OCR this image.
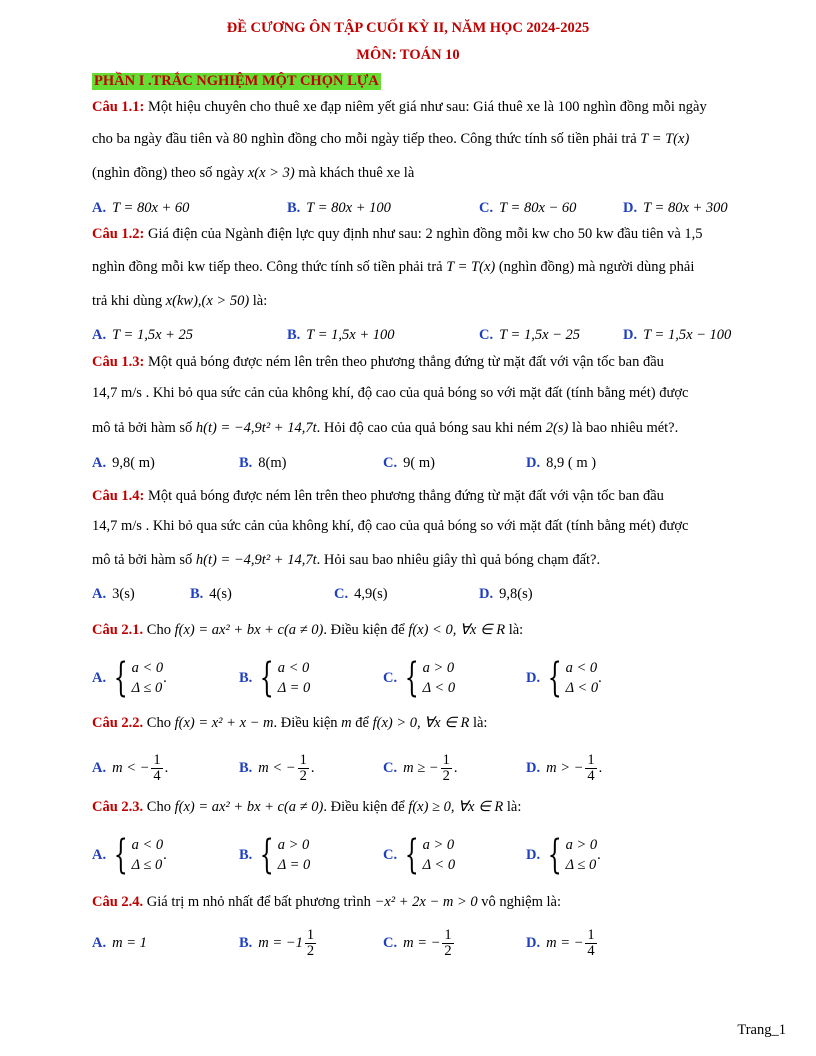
ĐỀ CƯƠNG ÔN TẬP CUỐI KỲ II, NĂM HỌC 2024-2025
MÔN: TOÁN 10
PHẦN I .TRẮC NGHIỆM MỘT CHỌN LỰA
Câu 1.1: Một hiệu chuyên cho thuê xe đạp niêm yết giá như sau: Giá thuê xe là 100 nghìn đồng mỗi ngày
cho ba ngày đầu tiên và 80 nghìn đồng cho mỗi ngày tiếp theo. Công thức tính số tiền phải trả T = T(x)
(nghìn đồng) theo số ngày x(x > 3) mà khách thuê xe là
A. T = 80x + 60	B. T = 80x + 100	C. T = 80x − 60	D. T = 80x + 300
Câu 1.2: Giá điện của Ngành điện lực quy định như sau: 2 nghìn đồng mỗi kw cho 50 kw đầu tiên và 1,5
nghìn đồng mỗi kw tiếp theo. Công thức tính số tiền phải trả T = T(x) (nghìn đồng) mà người dùng phải
trả khi dùng x(kw),(x > 50) là:
A. T = 1,5x + 25	B. T = 1,5x + 100	C. T = 1,5x − 25	D. T = 1,5x − 100
Câu 1.3: Một quả bóng được ném lên trên theo phương thẳng đứng từ mặt đất với vận tốc ban đầu
14,7 m/s . Khi bỏ qua sức cản của không khí, độ cao của quả bóng so với mặt đất (tính bằng mét) được
mô tả bởi hàm số h(t) = −4,9t² + 14,7t. Hỏi độ cao của quả bóng sau khi ném 2(s) là bao nhiêu mét?.
A. 9,8( m)	B. 8(m)	C. 9( m)	D. 8,9 ( m )
Câu 1.4: Một quả bóng được ném lên trên theo phương thẳng đứng từ mặt đất với vận tốc ban đầu
14,7 m/s . Khi bỏ qua sức cản của không khí, độ cao của quả bóng so với mặt đất (tính bằng mét) được
mô tả bởi hàm số h(t) = −4,9t² + 14,7t. Hỏi sau bao nhiêu giây thì quả bóng chạm đất?.
A. 3(s)	B. 4(s)	C. 4,9(s)	D. 9,8(s)
Câu 2.1. Cho f(x) = ax² + bx + c(a ≠ 0). Điều kiện để f(x) < 0, ∀x ∈ R là:
A. { a < 0
Δ ≤ 0
.	B. { a < 0
Δ = 0
C. { a > 0
Δ < 0
D. { a < 0
Δ < 0
.
Câu 2.2. Cho f(x) = x² + x − m. Điều kiện m để f(x) > 0, ∀x ∈ R là:
A. m < − $\frac{1}{4}$ .	B. m < − $\frac{1}{2}$ .	C. m ≥ − $\frac{1}{2}$ .	D. m > − $\frac{1}{4}$ .
Câu 2.3. Cho f(x) = ax² + bx + c(a ≠ 0). Điều kiện để f(x) ≥ 0, ∀x ∈ R là:
A. { a < 0
Δ ≤ 0
.	B. { a > 0
Δ = 0
C. { a > 0
Δ < 0
D. { a > 0
Δ ≤ 0
.
Câu 2.4. Giá trị m nhỏ nhất để bất phương trình −x² + 2x − m > 0 vô nghiệm là:
A. m = 1	B. $m = -1 \frac{1}{2}$	C. m = − $\frac{1}{2}$	D. m = − $\frac{1}{4}$
Trang_1
